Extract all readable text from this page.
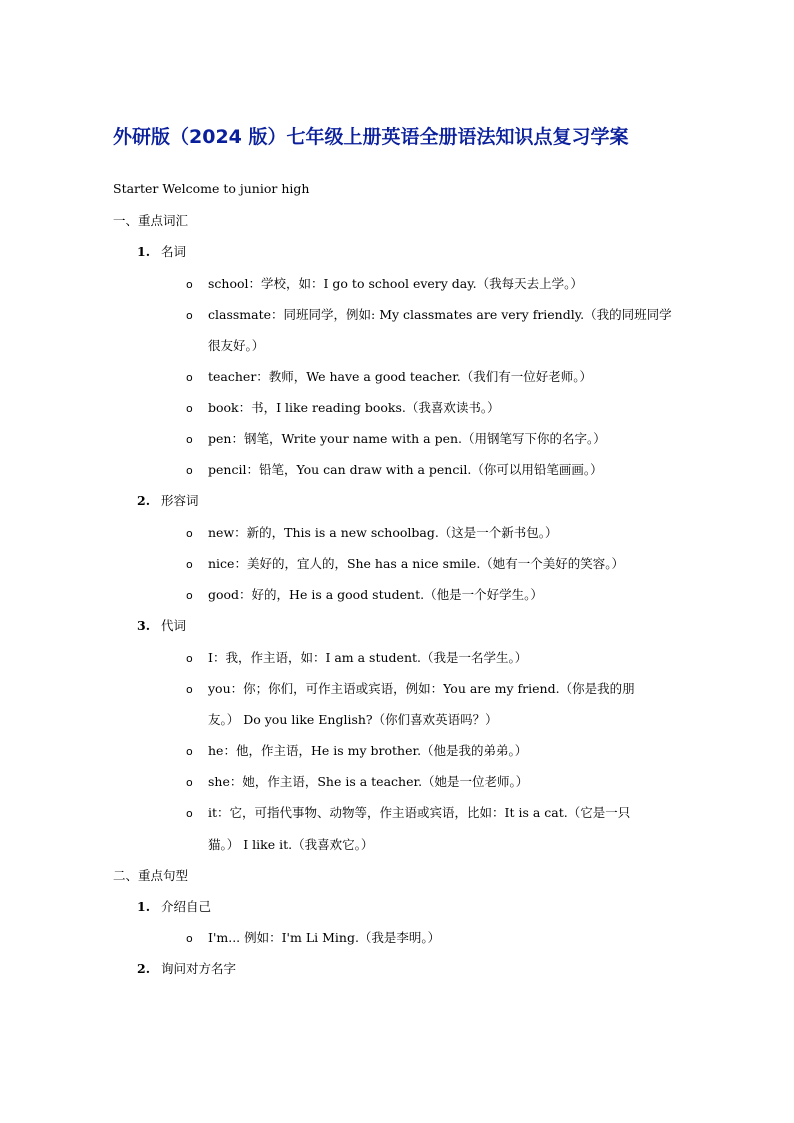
外研版（2024 版）七年级上册英语全册语法知识点复习学案
Starter Welcome to junior high
一、重点词汇
1. 名词
o school：学校，如：I go to school every day.（我每天去上学。）
o classmate：同班同学，例如: My classmates are very friendly.（我的同班同学
很友好。）
o teacher：教师，We have a good teacher.（我们有一位好老师。）
o book：书，I like reading books.（我喜欢读书。）
o pen：钢笔，Write your name with a pen.（用钢笔写下你的名字。）
o pencil：铅笔，You can draw with a pencil.（你可以用铅笔画画。）
2. 形容词
o new：新的，This is a new schoolbag.（这是一个新书包。）
o nice：美好的，宜人的，She has a nice smile.（她有一个美好的笑容。）
o good：好的，He is a good student.（他是一个好学生。）
3. 代词
o I：我，作主语，如：I am a student.（我是一名学生。）
o you：你；你们，可作主语或宾语，例如：You are my friend.（你是我的朋
友。） Do you like English?（你们喜欢英语吗？）
o he：他，作主语，He is my brother.（他是我的弟弟。）
o she：她，作主语，She is a teacher.（她是一位老师。）
o it：它，可指代事物、动物等，作主语或宾语，比如：It is a cat.（它是一只
猫。） I like it.（我喜欢它。）
二、重点句型
1. 介绍自己
o I'm... 例如：I'm Li Ming.（我是李明。）
2. 询问对方名字
